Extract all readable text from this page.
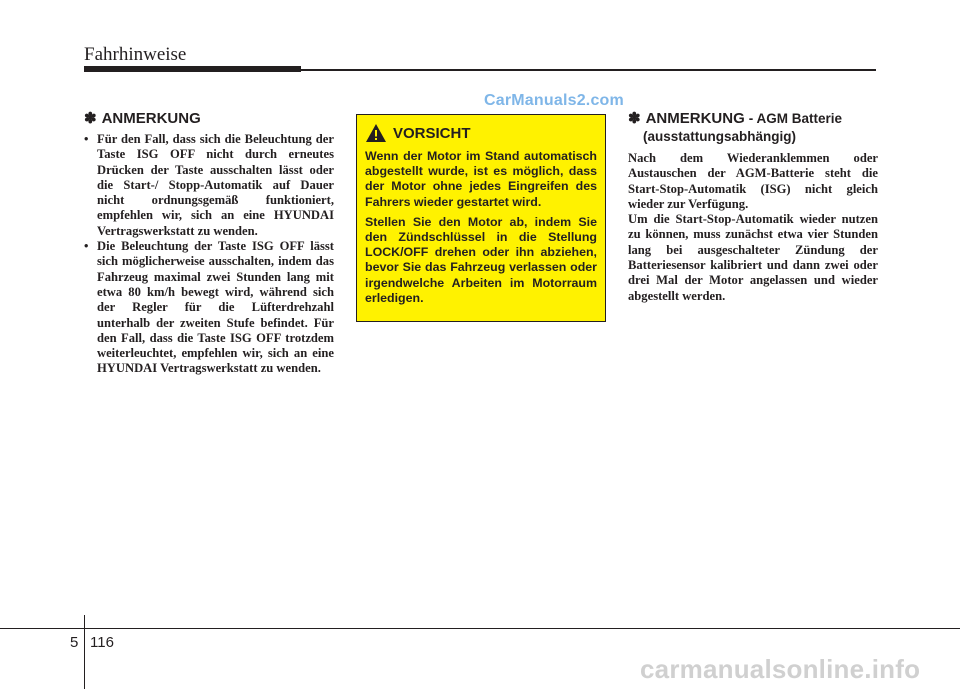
Fahrhinweise
CarManuals2.com
✽ ANMERKUNG
• Für den Fall, dass sich die Beleuchtung der Taste ISG OFF nicht durch erneutes Drücken der Taste ausschalten lässt oder die Start-/ Stopp-Automatik auf Dauer nicht ordnungsgemäß funktioniert, empfehlen wir, sich an eine HYUNDAI Vertragswerkstatt zu wenden.
• Die Beleuchtung der Taste ISG OFF lässt sich möglicherweise ausschalten, indem das Fahrzeug maximal zwei Stunden lang mit etwa 80 km/h bewegt wird, während sich der Regler für die Lüfterdrehzahl unterhalb der zweiten Stufe befindet. Für den Fall, dass die Taste ISG OFF trotzdem weiterleuchtet, empfehlen wir, sich an eine HYUNDAI Vertragswerkstatt zu wenden.
VORSICHT

Wenn der Motor im Stand automatisch abgestellt wurde, ist es möglich, dass der Motor ohne jedes Eingreifen des Fahrers wieder gestartet wird.

Stellen Sie den Motor ab, indem Sie den Zündschlüssel in die Stellung LOCK/OFF drehen oder ihn abziehen, bevor Sie das Fahrzeug verlassen oder irgendwelche Arbeiten im Motorraum erledigen.

✽ ANMERKUNG - AGM Batterie
(ausstattungsabhängig)

Nach dem Wiederanklemmen oder Austauschen der AGM-Batterie steht die Start-Stop-Automatik (ISG) nicht gleich wieder zur Verfügung.

Um die Start-Stop-Automatik wieder nutzen zu können, muss zunächst etwa vier Stunden lang bei ausgeschalteter Zündung der Batteriesensor kalibriert und dann zwei oder drei Mal der Motor angelassen und wieder abgestellt werden.

5 116
carmanualsonline.info
